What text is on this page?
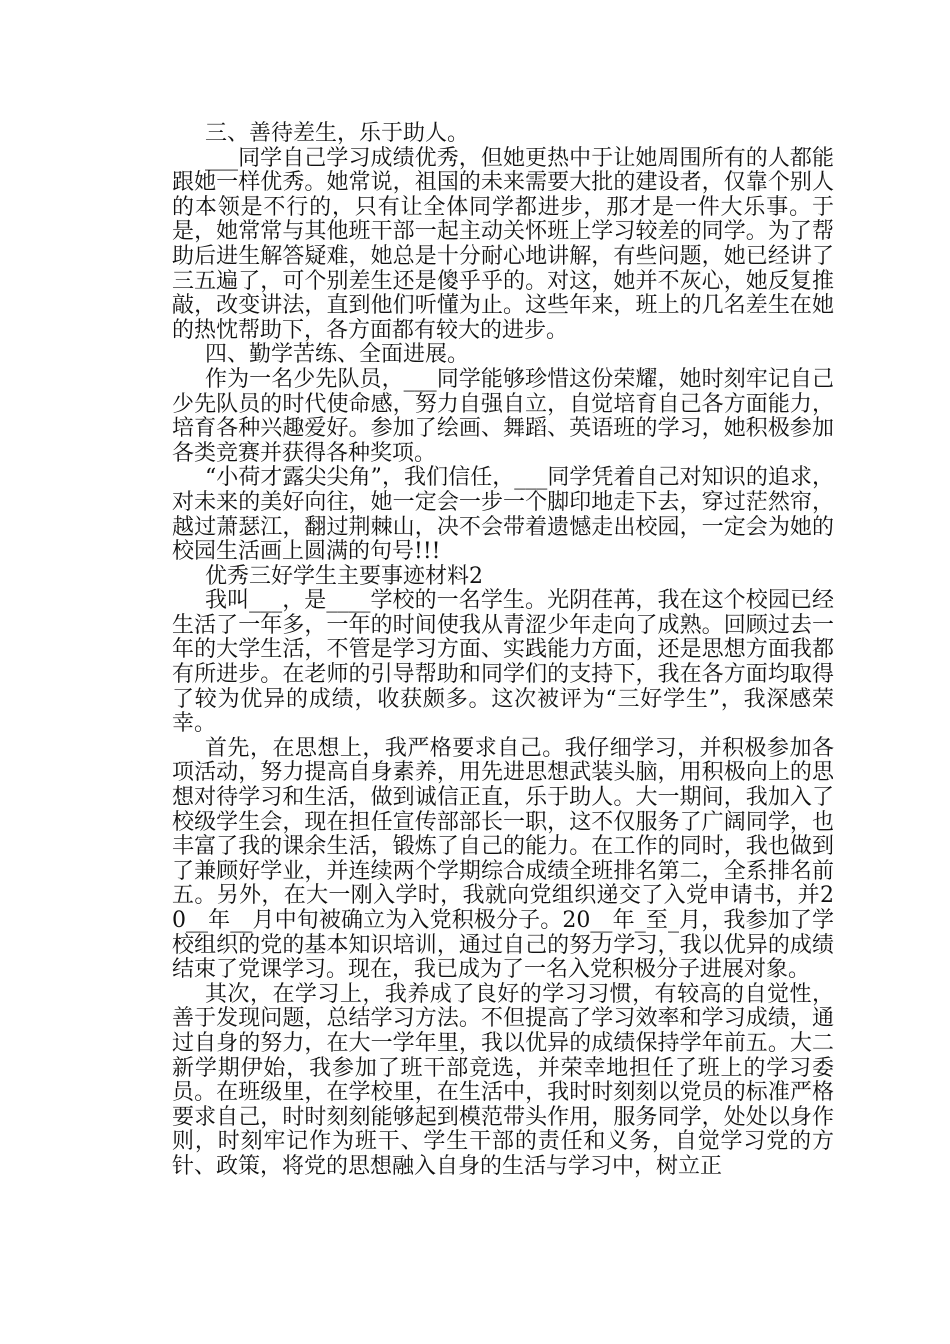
三、善待差生，乐于助人。

___同学自己学习成绩优秀，但她更热中于让她周围所有的人都能跟她一样优秀。她常说，祖国的未来需要大批的建设者，仅靠个别人的本领是不行的，只有让全体同学都进步，那才是一件大乐事。于是，她常常与其他班干部一起主动关怀班上学习较差的同学。为了帮助后进生解答疑难，她总是十分耐心地讲解，有些问题，她已经讲了三五遍了，可个别差生还是傻乎乎的。对这，她并不灰心，她反复推敲，改变讲法，直到他们听懂为止。这些年来，班上的几名差生在她的热忱帮助下，各方面都有较大的进步。

四、勤学苦练、全面进展。

作为一名少先队员，___同学能够珍惜这份荣耀，她时刻牢记自己少先队员的时代使命感，努力自强自立，自觉培育自己各方面能力，培育各种兴趣爱好。参加了绘画、舞蹈、英语班的学习，她积极参加各类竞赛并获得各种奖项。

“小荷才露尖尖角”，我们信任，___同学凭着自己对知识的追求，对未来的美好向往，她一定会一步一个脚印地走下去，穿过茫然帘，越过萧瑟江，翻过荆棘山，决不会带着遗憾走出校园，一定会为她的校园生活画上圆满的句号!!!

优秀三好学生主要事迹材料2

我叫___，是____学校的一名学生。光阴荏苒，我在这个校园已经生活了一年多，一年的时间使我从青涩少年走向了成熟。回顾过去一年的大学生活，不管是学习方面、实践能力方面，还是思想方面我都有所进步。在老师的引导帮助和同学们的支持下，我在各方面均取得了较为优异的成绩，收获颇多。这次被评为“三好学生”，我深感荣幸。

首先，在思想上，我严格要求自己。我仔细学习，并积极参加各项活动，努力提高自身素养，用先进思想武装头脑，用积极向上的思想对待学习和生活，做到诚信正直，乐于助人。大一期间，我加入了校级学生会，现在担任宣传部部长一职，这不仅服务了广阔同学，也丰富了我的课余生活，锻炼了自己的能力。在工作的同时，我也做到了兼顾好学业，并连续两个学期综合成绩全班排名第二，全系排名前五。另外，在大一刚入学时，我就向党组织递交了入党申请书，并20__年__月中旬被确立为入党积极分子。20__年_至_月，我参加了学校组织的党的基本知识培训，通过自己的努力学习，我以优异的成绩结束了党课学习。现在，我已成为了一名入党积极分子进展对象。

其次，在学习上，我养成了良好的学习习惯，有较高的自觉性，善于发现问题，总结学习方法。不但提高了学习效率和学习成绩，通过自身的努力，在大一学年里，我以优异的成绩保持学年前五。大二新学期伊始，我参加了班干部竞选，并荣幸地担任了班上的学习委员。在班级里，在学校里，在生活中，我时时刻刻以党员的标准严格要求自己，时时刻刻能够起到模范带头作用，服务同学，处处以身作则，时刻牢记作为班干、学生干部的责任和义务，自觉学习党的方针、政策，将党的思想融入自身的生活与学习中，树立正
